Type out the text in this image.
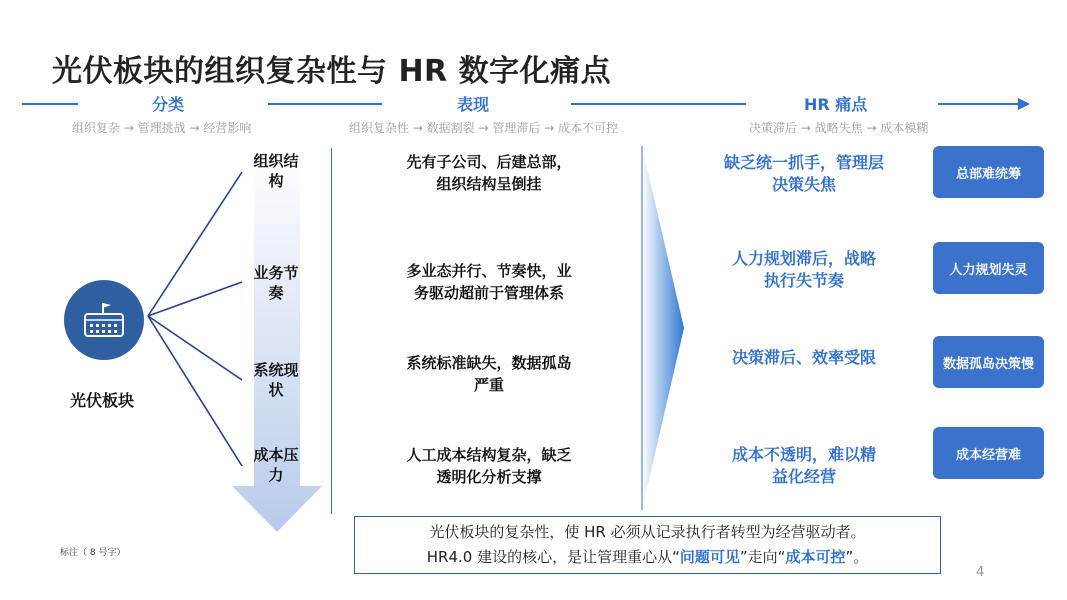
光伏板块的组织复杂性与 HR 数字化痛点
分类
组织复杂 → 管理挑战 → 经营影响
表现
组织复杂性 → 数据割裂 → 管理滞后 → 成本不可控
HR 痛点
决策滞后 → 战略失焦 → 成本模糊
光伏板块
组织结
构
业务节
奏
系统现
状
成本压
力
先有子公司、后建总部，
组织结构呈倒挂
多业态并行、节奏快，业
务驱动超前于管理体系
系统标准缺失，数据孤岛
严重
人工成本结构复杂，缺乏
透明化分析支撑
缺乏统一抓手，管理层
决策失焦
人力规划滞后，战略
执行失节奏
决策滞后、效率受限
成本不透明，难以精
益化经营
总部难统筹
人力规划失灵
数据孤岛决策慢
成本经营难
光伏板块的复杂性，使 HR 必须从记录执行者转型为经营驱动者。
HR4.0 建设的核心，是让管理重心从“问题可见”走向“成本可控”。
标注（ 8 号字）
4
